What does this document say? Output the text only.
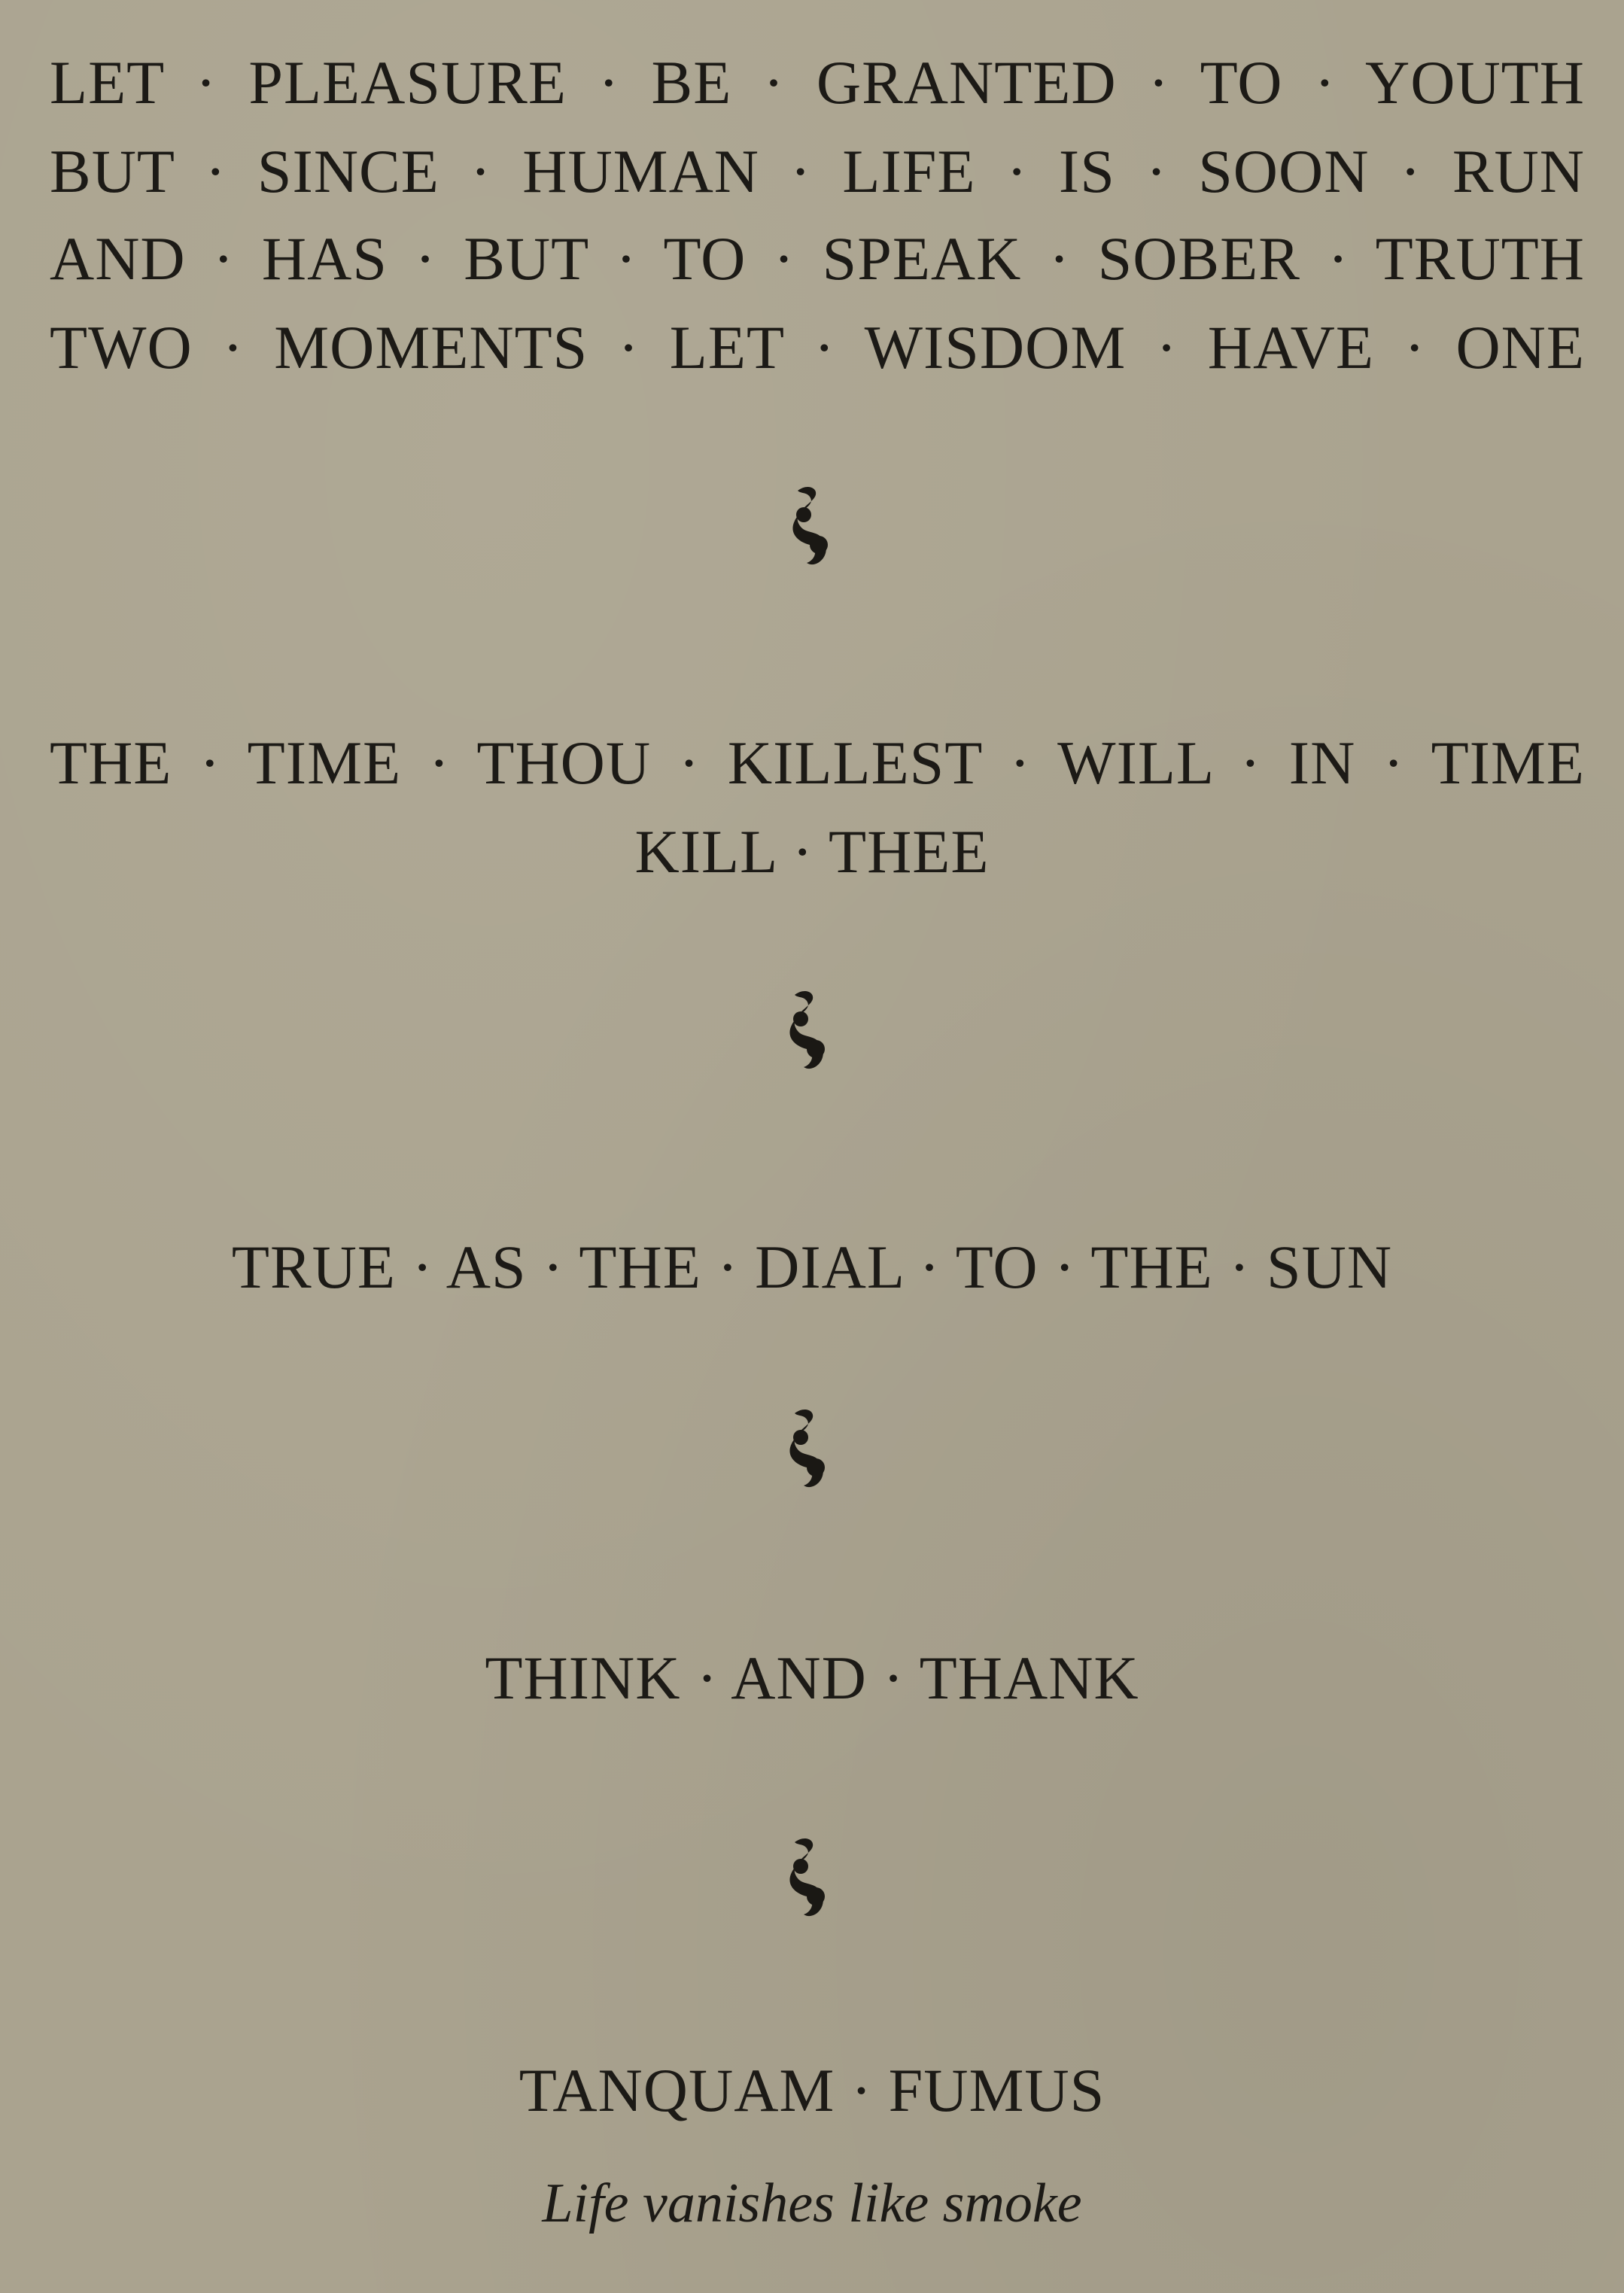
LET · PLEASURE · BE · GRANTED · TO · YOUTH
BUT · SINCE · HUMAN · LIFE · IS · SOON · RUN
AND · HAS · BUT · TO · SPEAK · SOBER · TRUTH
TWO · MOMENTS · LET · WISDOM · HAVE · ONE
THE · TIME · THOU · KILLEST · WILL · IN · TIME
KILL · THEE
TRUE · AS · THE · DIAL · TO · THE · SUN
THINK · AND · THANK
TANQUAM · FUMUS
Life vanishes like smoke
